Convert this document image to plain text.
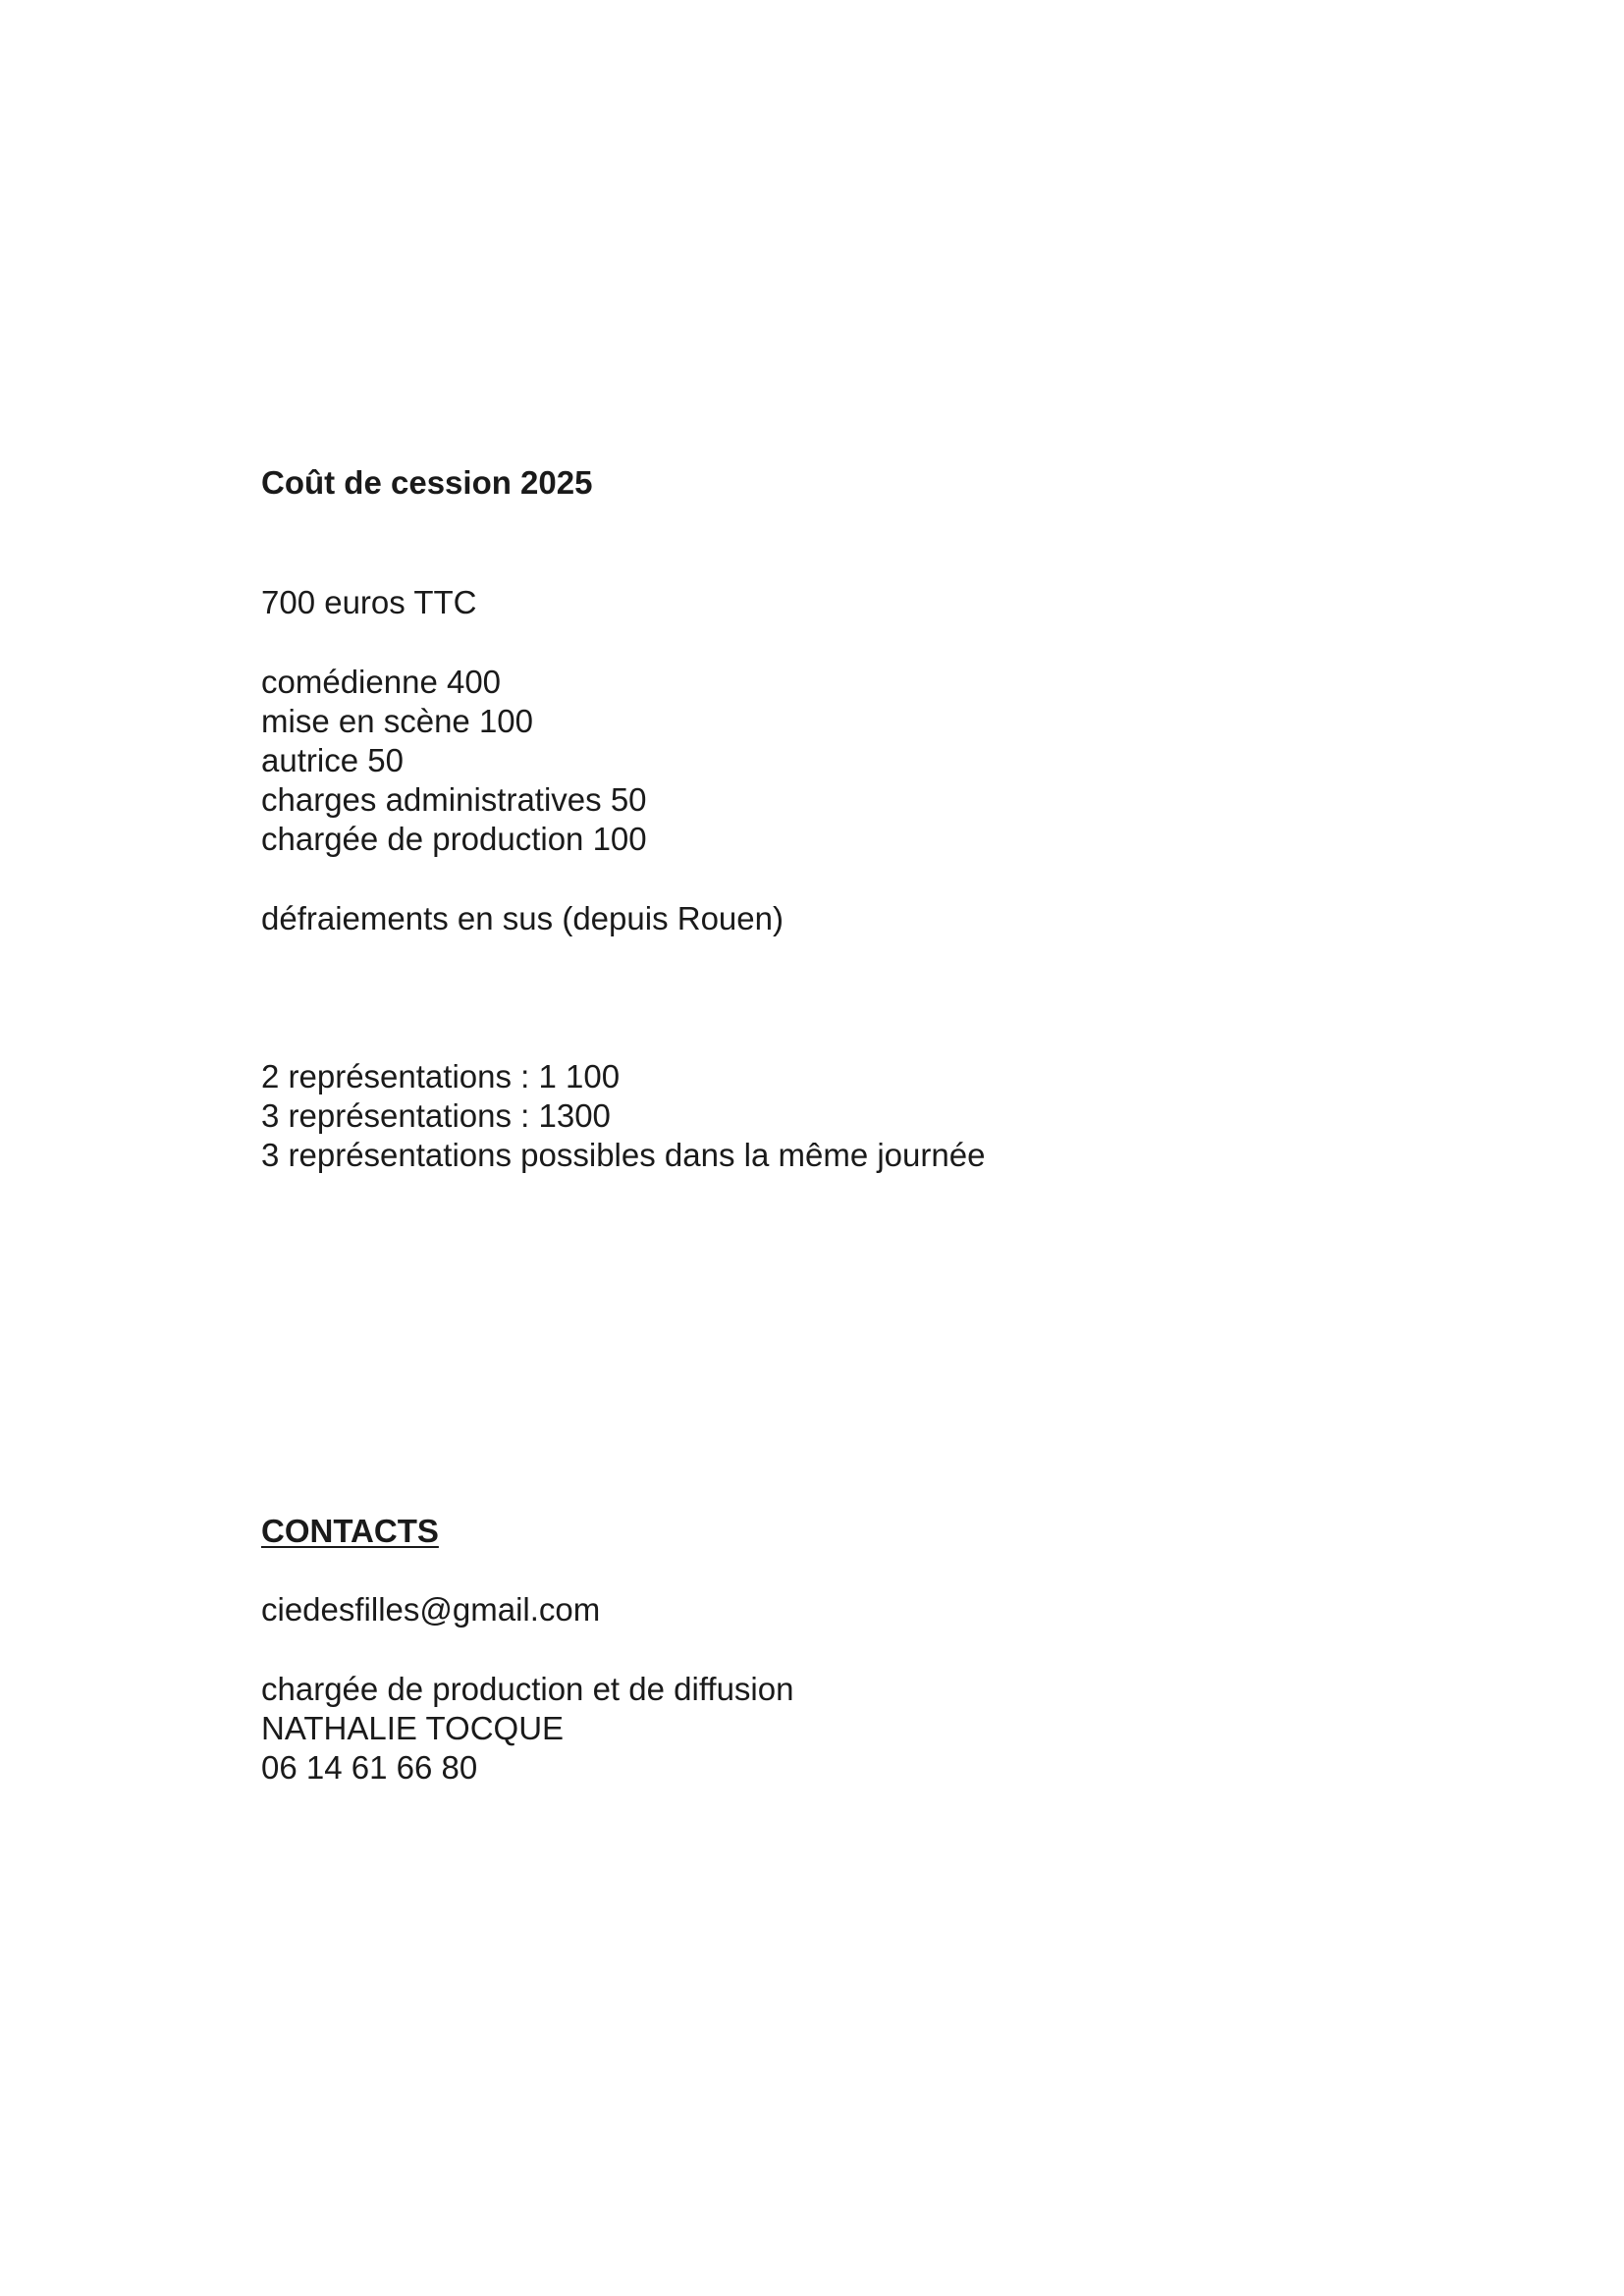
Coût de cession 2025
700 euros TTC
comédienne 400
mise en scène 100
autrice 50
charges administratives 50
chargée de production 100
défraiements en sus (depuis Rouen)
2 représentations : 1 100
3 représentations : 1300
3 représentations possibles dans la même journée
CONTACTS
ciedesfilles@gmail.com
chargée de production et de diffusion
NATHALIE TOCQUE
06 14 61 66 80
